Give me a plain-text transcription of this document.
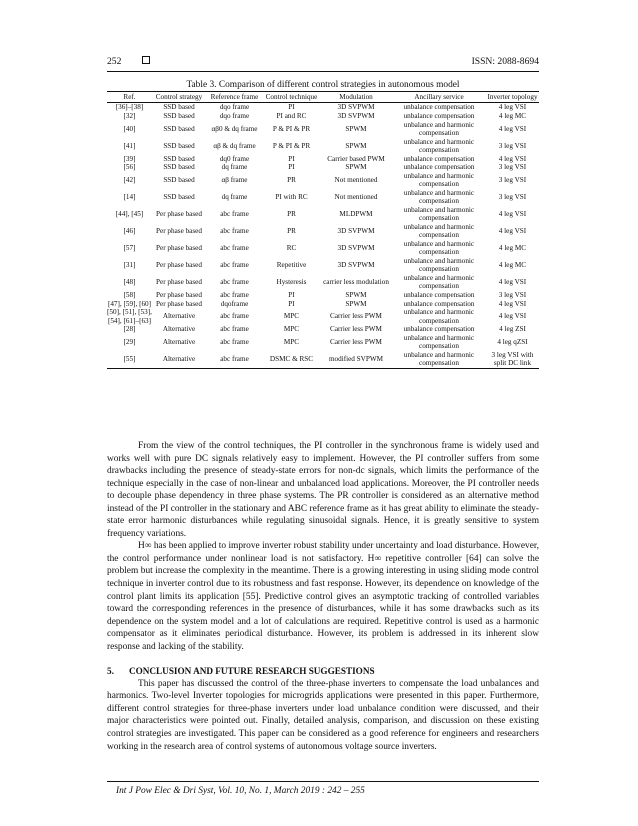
252	ISSN: 2088-8694
Table 3. Comparison of different control strategies in autonomous model
Ref.	Control strategy	Reference frame	Control technique	Modulation	Ancillary service	Inverter topology
[36]–[38]	SSD based	dqo frame	PI	3D SVPWM	unbalance compensation	4 leg VSI
[32]	SSD based	dqo frame	PI and RC	3D SVPWM	unbalance compensation	4 leg MC
[40]	SSD based	αβ0 & dq frame	P & PI & PR	SPWM	unbalance and harmonic compensation	4 leg VSI
[41]	SSD based	αβ & dq frame	P & PI & PR	SPWM	unbalance and harmonic compensation	3 leg VSI
[39]	SSD based	dq0 frame	PI	Carrier based PWM	unbalance compensation	4 leg VSI
[56]	SSD based	dq frame	PI	SPWM	unbalance compensation	3 leg VSI
[42]	SSD based	αβ frame	PR	Not mentioned	unbalance and harmonic compensation	3 leg VSI
[14]	SSD based	dq frame	PI with RC	Not mentioned	unbalance and harmonic compensation	3 leg VSI
[44], [45]	Per phase based	abc frame	PR	MLDPWM	unbalance and harmonic compensation	4 leg VSI
[46]	Per phase based	abc frame	PR	3D SVPWM	unbalance and harmonic compensation	4 leg VSI
[57]	Per phase based	abc frame	RC	3D SVPWM	unbalance and harmonic compensation	4 leg MC
[31]	Per phase based	abc frame	Repetitive	3D SVPWM	unbalance and harmonic compensation	4 leg MC
[48]	Per phase based	abc frame	Hysteresis	carrier less modulation	unbalance and harmonic compensation	4 leg VSI
[58]	Per phase based	abc frame	PI	SPWM	unbalance compensation	3 leg VSI
[47], [59], [60]	Per phase based	dqoframe	PI	SPWM	unbalance compensation	4 leg VSI
[50], [51], [53], [54], [61]–[63]	Alternative	abc frame	MPC	Carrier less PWM	unbalance and harmonic compensation	4 leg VSI
[28]	Alternative	abc frame	MPC	Carrier less PWM	unbalance compensation	4 leg ZSI
[29]	Alternative	abc frame	MPC	Carrier less PWM	unbalance and harmonic compensation	4 leg qZSI
[55]	Alternative	abc frame	DSMC & RSC	modified SVPWM	unbalance and harmonic compensation	3 leg VSI with split DC link

From the view of the control techniques, the PI controller in the synchronous frame is widely used and works well with pure DC signals relatively easy to implement. However, the PI controller suffers from some drawbacks including the presence of steady-state errors for non-dc signals, which limits the performance of the technique especially in the case of non-linear and unbalanced load applications. Moreover, the PI controller needs to decouple phase dependency in three phase systems. The PR controller is considered as an alternative method instead of the PI controller in the stationary and ABC reference frame as it has great ability to eliminate the steady-state error harmonic disturbances while regulating sinusoidal signals. Hence, it is greatly sensitive to system frequency variations.

H∞ has been applied to improve inverter robust stability under uncertainty and load disturbance. However, the control performance under nonlinear load is not satisfactory. H∞ repetitive controller [64] can solve the problem but increase the complexity in the meantime. There is a growing interesting in using sliding mode control technique in inverter control due to its robustness and fast response. However, its dependence on knowledge of the control plant limits its application [55]. Predictive control gives an asymptotic tracking of controlled variables toward the corresponding references in the presence of disturbances, while it has some drawbacks such as its dependence on the system model and a lot of calculations are required. Repetitive control is used as a harmonic compensator as it eliminates periodical disturbance. However, its problem is addressed in its inherent slow response and lacking of the stability.

5. CONCLUSION AND FUTURE RESEARCH SUGGESTIONS

This paper has discussed the control of the three-phase inverters to compensate the load unbalances and harmonics. Two-level Inverter topologies for microgrids applications were presented in this paper. Furthermore, different control strategies for three-phase inverters under load unbalance condition were discussed, and their major characteristics were pointed out. Finally, detailed analysis, comparison, and discussion on these existing control strategies are investigated. This paper can be considered as a good reference for engineers and researchers working in the research area of control systems of autonomous voltage source inverters.

Int J Pow Elec & Dri Syst, Vol. 10, No. 1, March 2019 : 242 – 255
